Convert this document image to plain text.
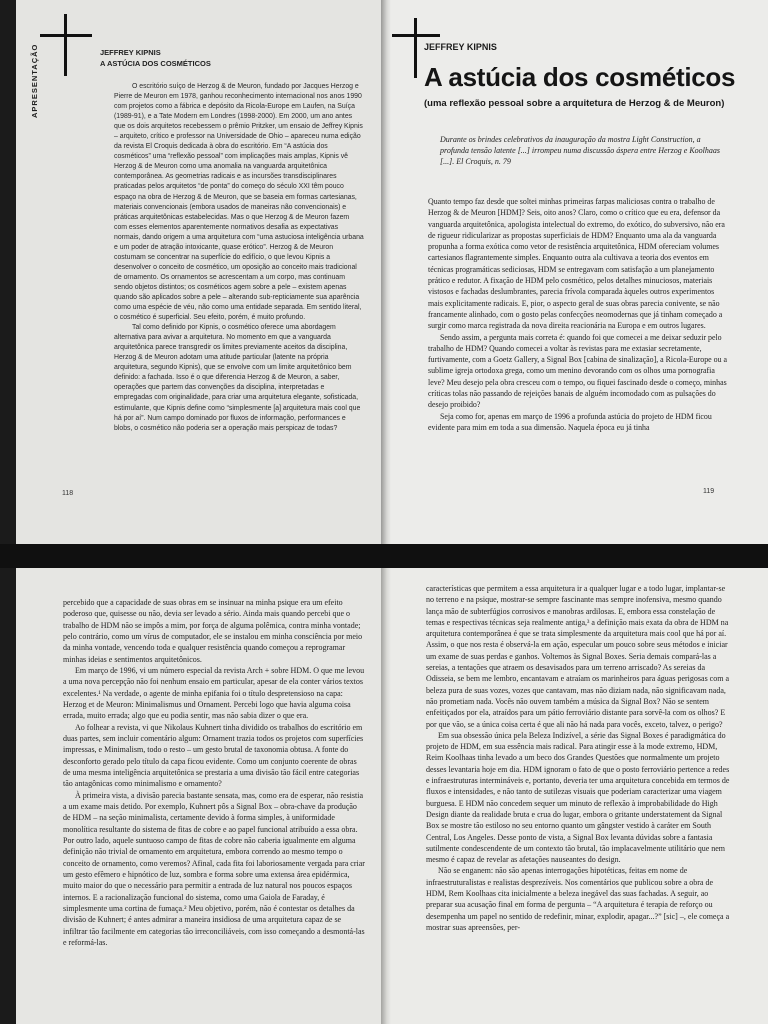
APRESENTAÇÃO	JEFFREY KIPNIS
A ASTÚCIA DOS COSMÉTICOS

O escritório suíço de Herzog & de Meuron, fundado por Jacques Herzog e Pierre de Meuron em 1978, ganhou reconhecimento internacional nos anos 1990 com projetos como a fábrica e depósito da Ricola-Europe em Laufen, na Suíça (1989-91), e a Tate Modern em Londres (1998-2000). Em 2000, um ano antes que os dois arquitetos recebessem o prêmio Pritzker, um ensaio de Jeffrey Kipnis – arquiteto, crítico e professor na Universidade de Ohio – apareceu numa edição da revista El Croquis dedicada à obra do escritório. Em “A astúcia dos cosméticos” uma “reflexão pessoal” com implicações mais amplas, Kipnis vê Herzog & de Meuron como uma anomalia na vanguarda arquitetônica contemporânea. As geometrias radicais e as incursões transdisciplinares praticadas pelos arquitetos “de ponta” do começo do século XXI têm pouco espaço na obra de Herzog & de Meuron, que se baseia em formas cartesianas, materiais convencionais (embora usados de maneiras não convencionais) e práticas arquitetônicas estabelecidas. Mas o que Herzog & de Meuron fazem com esses elementos aparentemente normativos desafia as expectativas normais, dando origem a uma arquitetura com “uma astuciosa inteligência urbana e um poder de atração intoxicante, quase erótico”. Herzog & de Meuron costumam se concentrar na superfície do edifício, o que levou Kipnis a desenvolver o conceito de cosmético, um oposição ao conceito mais tradicional de ornamento. Os ornamentos se acrescentam a um corpo, mas continuam sendo objetos distintos; os cosméticos agem sobre a pele – existem apenas quando são aplicados sobre a pele – alterando sub-repticiamente sua aparência como uma espécie de véu, não como uma entidade separada. Em sentido literal, o cosmético é superficial. Seu efeito, porém, é muito profundo.

Tal como definido por Kipnis, o cosmético oferece uma abordagem alternativa para avivar a arquitetura. No momento em que a vanguarda arquitetônica parece transgredir os limites previamente aceitos da disciplina, Herzog & de Meuron adotam uma atitude particular (latente na própria arquitetura, segundo Kipnis), que se envolve com um limite arquitetônico bem definido: a fachada. Isso é o que diferencia Herzog & de Meuron, a saber, operações que partem das convenções da disciplina, interpretadas e empregadas com originalidade, para criar uma arquitetura elegante, sofisticada, estimulante, que Kipnis define como “simplesmente [a] arquitetura mais cool que há por aí”. Num campo dominado por fluxos de informação, performances e blobs, o cosmético não poderia ser a operação mais perspicaz de todas?

118
JEFFREY KIPNIS
A astúcia dos cosméticos
(uma reflexão pessoal sobre a arquitetura de Herzog & de Meuron)
Durante os brindes celebrativos da inauguração da mostra Light Construction, a profunda tensão latente [...] irrompeu numa discussão áspera entre Herzog e Koolhaas [...]. El Croquis, n. 79

Quanto tempo faz desde que soltei minhas primeiras farpas maliciosas contra o trabalho de Herzog & de Meuron [HDM]? Seis, oito anos? Claro, como o crítico que eu era, defensor da vanguarda arquitetônica, apologista intelectual do extremo, do exótico, do subversivo, não era de rigueur ridicularizar as propostas superficiais de HDM? Enquanto uma ala da vanguarda propunha a forma exótica como vetor de resistência arquitetônica, HDM ofereciam volumes cartesianos flagrantemente simples. Enquanto outra ala cultivava a teoria dos eventos em técnicas programáticas sediciosas, HDM se entregavam com satisfação a um planejamento prático e redutor. A fixação de HDM pelo cosmético, pelos detalhes minuciosos, materiais vistosos e fachadas deslumbrantes, parecia frívola comparada àqueles outros experimentos mais explicitamente radicais. E, pior, o aspecto geral de suas obras parecia conivente, se não francamente alinhado, com o gosto pelas confecções neomodernas que já tinham começado a surgir como marca registrada da nova direita reacionária na Europa e em outros lugares.

Sendo assim, a pergunta mais correta é: quando foi que comecei a me deixar seduzir pelo trabalho de HDM? Quando comecei a voltar às revistas para me extasiar secretamente, furtivamente, com a Goetz Gallery, a Signal Box [cabina de sinalização], a Ricola-Europe ou a sublime igreja ortodoxa grega, como um menino devorando com os olhos uma pornografia leve? Meu desejo pela obra cresceu com o tempo, ou fiquei fascinado desde o começo, minhas críticas tolas não passando de rejeições banais de alguém incomodado com as pulsações do desejo proibido?

Seja como for, apenas em março de 1996 a profunda astúcia do projeto de HDM ficou evidente para mim em toda a sua dimensão. Naquela época eu já tinha

119

percebido que a capacidade de suas obras em se insinuar na minha psique era um efeito poderoso que, quisesse ou não, devia ser levado a sério. Ainda mais quando percebi que o trabalho de HDM não se impôs a mim, por força de alguma polêmica, contra minha vontade; pelo contrário, como um vírus de computador, ele se instalou em minha consciência por meio da minha vontade, vencendo toda e qualquer resistência quando começou a reprogramar minhas ideias e sentimentos arquitetônicos.

Em março de 1996, vi um número especial da revista Arch + sobre HDM. O que me levou a uma nova percepção não foi nenhum ensaio em particular, apesar de ela conter vários textos excelentes.¹ Na verdade, o agente de minha epifania foi o título despretensioso na capa: Herzog et de Meuron: Minimalismus und Ornament. Percebi logo que havia alguma coisa errada, muito errada; algo que eu podia sentir, mas não sabia dizer o que era.

Ao folhear a revista, vi que Nikolaus Kuhnert tinha dividido os trabalhos do escritório em duas partes, sem incluir comentário algum: Ornament trazia todos os projetos com superfícies impressas, e Minimalism, todo o resto – um gesto brutal de taxonomia obtusa. A fonte do desconforto gerado pelo título da capa ficou evidente. Como um conjunto coerente de obras de uma mesma inteligência arquitetônica se prestaria a uma divisão tão fácil entre categorias tão antagônicas como minimalismo e ornamento?

À primeira vista, a divisão parecia bastante sensata, mas, como era de esperar, não resistia a um exame mais detido. Por exemplo, Kuhnert pôs a Signal Box – obra-chave da produção de HDM – na seção minimalista, certamente devido à forma simples, à uniformidade monolítica resultante do sistema de fitas de cobre e ao papel funcional atribuído a essa obra. Por outro lado, aquele suntuoso campo de fitas de cobre não caberia igualmente em alguma definição não trivial de ornamento em arquitetura, embora correndo ao mesmo tempo o conceito de ornamento, como veremos? Afinal, cada fita foi laboriosamente vergada para criar um gesto efêmero e hipnótico de luz, sombra e forma sobre uma extensa área epidérmica, muito maior do que o necessário para permitir a entrada de luz natural nos poucos espaços internos. E a racionalização funcional do sistema, como uma Gaiola de Faraday, é simplesmente uma cortina de fumaça.² Meu objetivo, porém, não é contestar os detalhes da divisão de Kuhnert; é antes admirar a maneira insidiosa de uma arquitetura capaz de se infiltrar tão facilmente em categorias tão irreconciliáveis, com isso começando a desmontá-las e reformá-las.

características que permitem a essa arquitetura ir a qualquer lugar e a todo lugar, implantar-se no terreno e na psique, mostrar-se sempre fascinante mas sempre inofensiva, mesmo quando lança mão de subterfúgios corrosivos e manobras ardilosas. E, embora essa constelação de temas e respectivas técnicas seja realmente antiga,³ a definição mais exata da obra de HDM na arquitetura contemporânea é que se trata simplesmente da arquitetura mais cool que há por aí. Assim, o que nos resta é observá-la em ação, especular um pouco sobre seus métodos e iniciar um exame de suas perdas e ganhos. Voltemos às Signal Boxes. Seria demais compará-las a sereias, a tentações que atraem os desavisados para um terreno arriscado? As sereias da Odisseia, se bem me lembro, encantavam e atraíam os marinheiros para águas perigosas com a beleza pura de suas vozes, vozes que cantavam, mas não diziam nada, não significavam nada, não prometiam nada. Vocês não ouvem também a música da Signal Box? Não se sentem enfeitiçados por ela, atraídos para um pátio ferroviário distante para sorvê-la com os olhos? E por que vão, se a única coisa certa é que ali não há nada para vocês, exceto, talvez, o perigo?

Em sua obsessão única pela Beleza Indizível, a série das Signal Boxes é paradigmática do projeto de HDM, em sua essência mais radical. Para atingir esse à la mode extremo, HDM, Reim Koolhaas tinha levado a um beco dos Grandes Questões que normalmente um projeto desses levantaria hoje em dia. HDM ignoram o fato de que o posto ferroviário pertence a redes e infraestruturas intermináveis e, portanto, deveria ter uma arquitetura concebida em termos de fluxos e intensidades, e não tanto de sutilezas visuais que poderiam caracterizar uma viagem burguesa. E HDM não concedem sequer um minuto de reflexão à improbabilidade do High Design diante da realidade bruta e crua do lugar, embora o gritante understatement da Signal Box se mostre tão estiloso no seu entorno quanto um gângster vestido à caráter em South Central, Los Angeles. Desse ponto de vista, a Signal Box levanta dúvidas sobre a fantasia sutilmente condescendente de um contexto tão brutal, tão implacavelmente utilitário que nem mesmo é capaz de revelar as afetações nauseantes do design.

Não se enganem: não são apenas interrogações hipotéticas, feitas em nome de infraestruturalistas e realistas desprezíveis. Nos comentários que publicou sobre a obra de HDM, Rem Koolhaas cita inicialmente a beleza inegável das suas fachadas. A seguir, ao preparar sua acusação final em forma de pergunta – “A arquitetura é terapia de reforço ou desempenha um papel no sentido de redefinir, minar, explodir, apagar...?” [sic] –, ele começa a mostrar suas apreensões, per-
